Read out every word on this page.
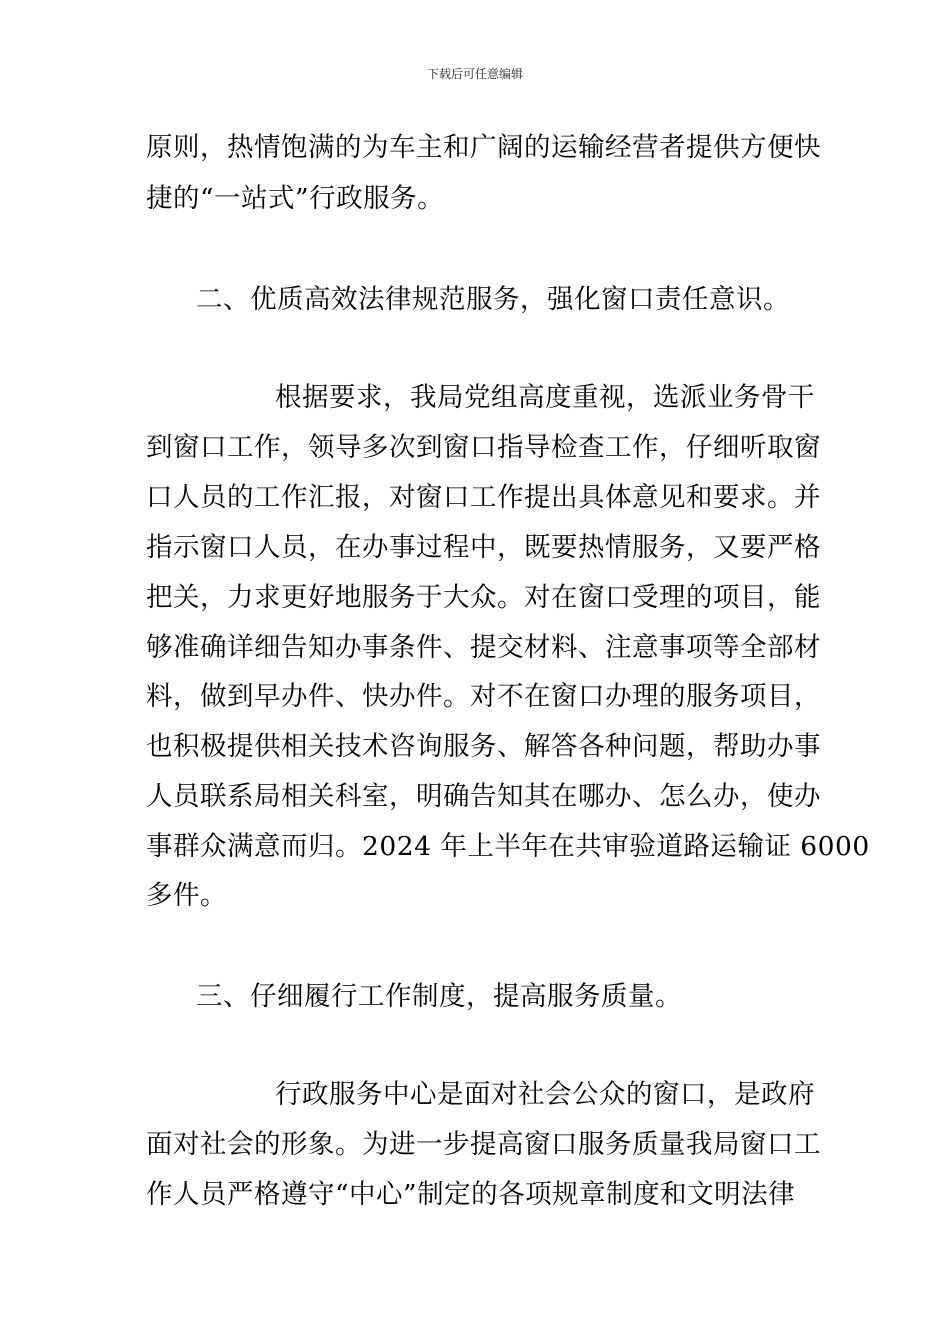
下载后可任意编辑
原则，热情饱满的为车主和广阔的运输经营者提供方便快
捷的“一站式”行政服务。
二、优质高效法律规范服务，强化窗口责任意识。
根据要求，我局党组高度重视，选派业务骨干
到窗口工作，领导多次到窗口指导检查工作，仔细听取窗
口人员的工作汇报，对窗口工作提出具体意见和要求。并
指示窗口人员，在办事过程中，既要热情服务，又要严格
把关，力求更好地服务于大众。对在窗口受理的项目，能
够准确详细告知办事条件、提交材料、注意事项等全部材
料，做到早办件、快办件。对不在窗口办理的服务项目，
也积极提供相关技术咨询服务、解答各种问题，帮助办事
人员联系局相关科室，明确告知其在哪办、怎么办，使办
事群众满意而归。2024 年上半年在共审验道路运输证 6000
多件。
三、仔细履行工作制度，提高服务质量。
行政服务中心是面对社会公众的窗口，是政府
面对社会的形象。为进一步提高窗口服务质量我局窗口工
作人员严格遵守“中心”制定的各项规章制度和文明法律
